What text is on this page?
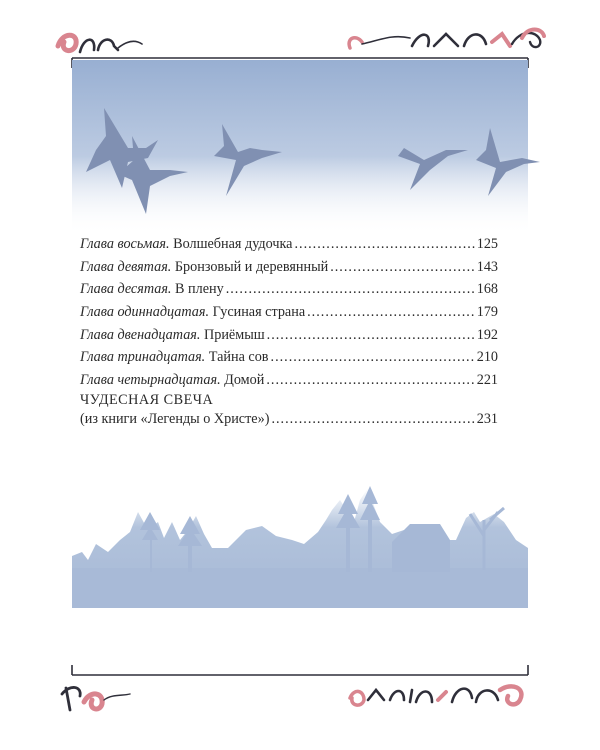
Глава восьмая. Волшебная дудочка .....	125
Глава девятая. Бронзовый и деревянный .....	143
Глава десятая. В плену .....	168
Глава одиннадцатая. Гусиная страна .....	179
Глава двенадцатая. Приёмыш .....	192
Глава тринадцатая. Тайна сов .....	210
Глава четырнадцатая. Домой .....	221
ЧУДЕСНАЯ СВЕЧА
(из книги «Легенды о Христе») .....	231
